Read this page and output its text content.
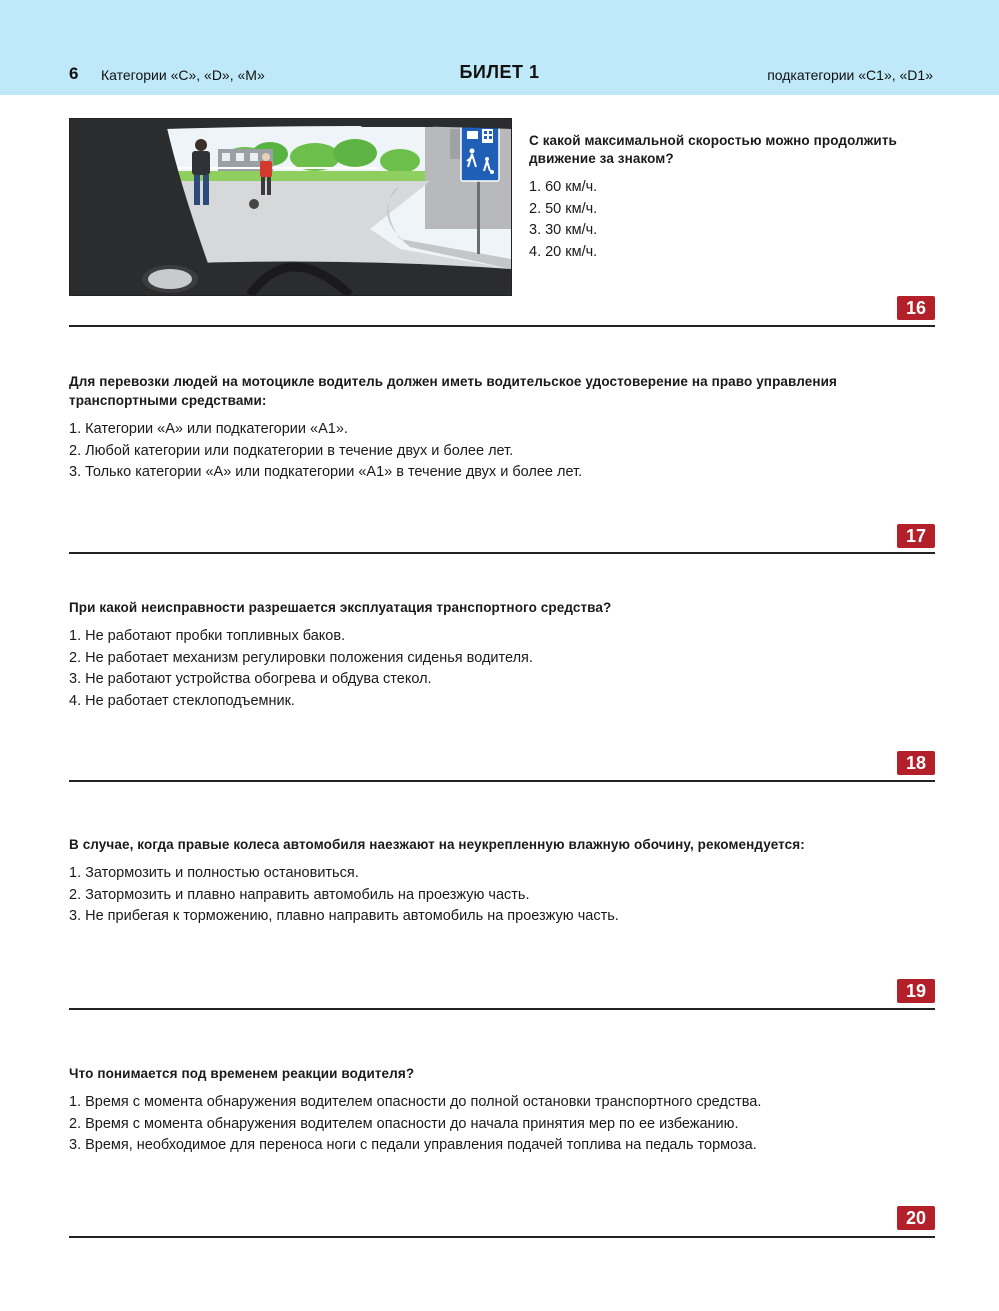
6 Категории «C», «D», «M»	БИЛЕТ 1	подкатегории «C1», «D1»

С какой максимальной скоростью можно продолжить движение за знаком?

1. 60 км/ч.

2. 50 км/ч.

3. 30 км/ч.

4. 20 км/ч.

16

Для перевозки людей на мотоцикле водитель должен иметь водительское удостоверение на право управления транспортными средствами:

1. Категории «А» или подкатегории «А1».

2. Любой категории или подкатегории в течение двух и более лет.

3. Только категории «А» или подкатегории «А1» в течение двух и более лет.

17

При какой неисправности разрешается эксплуатация транспортного средства?

1. Не работают пробки топливных баков.

2. Не работает механизм регулировки положения сиденья водителя.

3. Не работают устройства обогрева и обдува стекол.

4. Не работает стеклоподъемник.

18

В случае, когда правые колеса автомобиля наезжают на неукрепленную влажную обочину, рекомендуется:

1. Затормозить и полностью остановиться.

2. Затормозить и плавно направить автомобиль на проезжую часть.

3. Не прибегая к торможению, плавно направить автомобиль на проезжую часть.

19

Что понимается под временем реакции водителя?

1. Время с момента обнаружения водителем опасности до полной остановки транспортного средства.

2. Время с момента обнаружения водителем опасности до начала принятия мер по ее избежанию.

3. Время, необходимое для переноса ноги с педали управления подачей топлива на педаль тормоза.

20
